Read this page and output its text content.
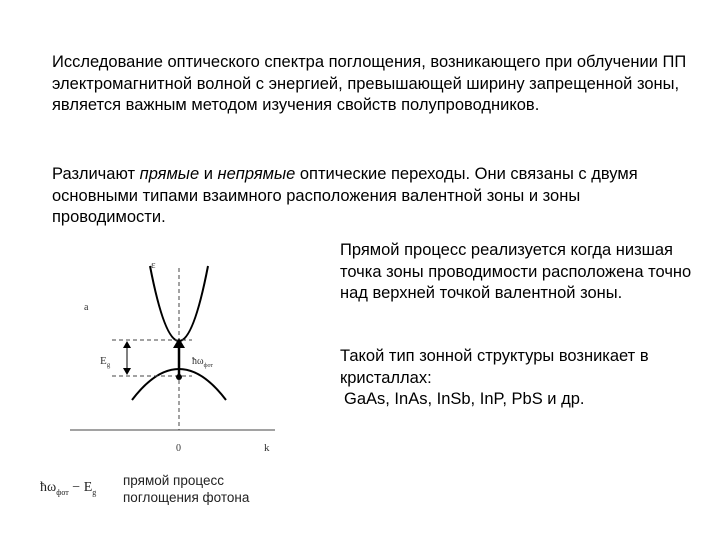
Исследование оптического спектра поглощения, возникающего при облучении ПП электромагнитной волной с энергией, превышающей ширину запрещенной зоны, является важным методом изучения свойств полупроводников.

Различают прямые и непрямые оптические переходы. Они связаны с двумя основными типами взаимного расположения валентной зоны и зоны проводимости.

Прямой процесс реализуется когда низшая точка зоны проводимости расположена точно над верхней точкой валентной зоны.

Такой тип зонной структуры возникает в кристаллах:
GaAs, InAs, InSb, InP, PbS и др.

ε
a
$E_g$	$ħ\omega_{фот}$
0	k
$ħ\omega_{фот} - E_g$
прямой процесс
поглощения фотона
